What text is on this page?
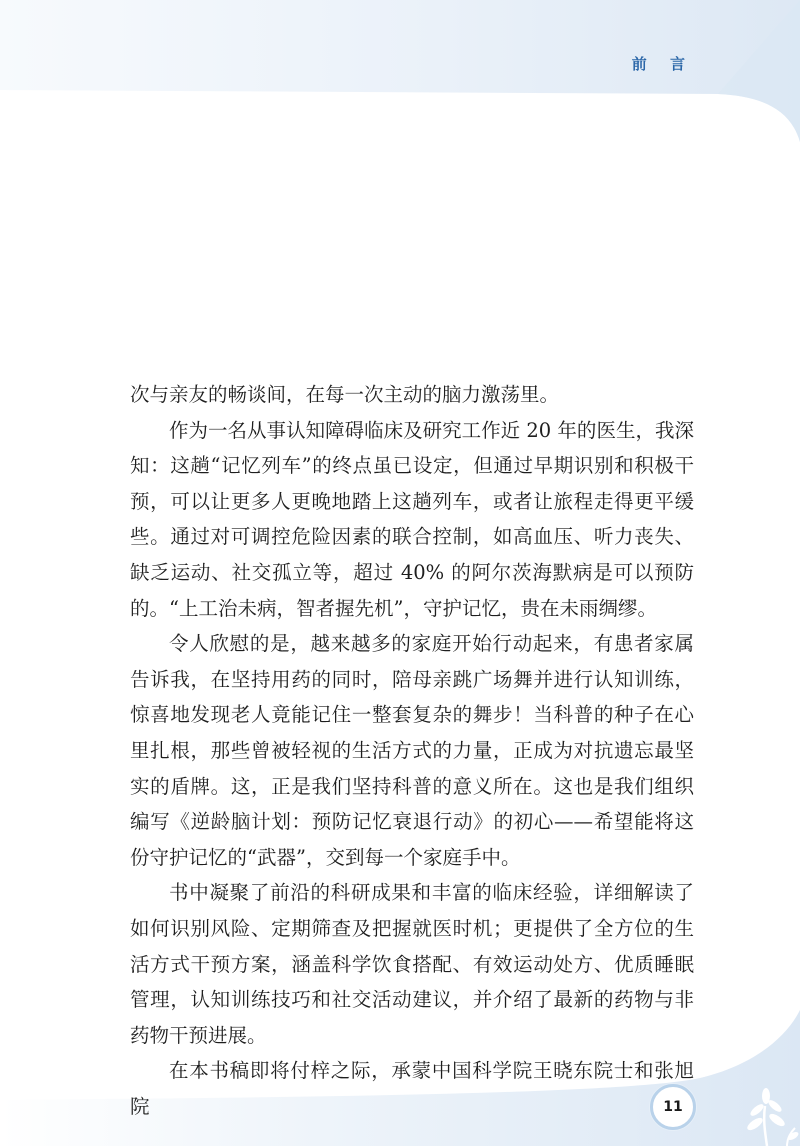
前 言

次与亲友的畅谈间，在每一次主动的脑力激荡里。

作为一名从事认知障碍临床及研究工作近 20 年的医生，我深知：这趟“记忆列车”的终点虽已设定，但通过早期识别和积极干预，可以让更多人更晚地踏上这趟列车，或者让旅程走得更平缓些。通过对可调控危险因素的联合控制，如高血压、听力丧失、缺乏运动、社交孤立等，超过 40% 的阿尔茨海默病是可以预防的。“上工治未病，智者握先机”，守护记忆，贵在未雨绸缪。

令人欣慰的是，越来越多的家庭开始行动起来，有患者家属告诉我，在坚持用药的同时，陪母亲跳广场舞并进行认知训练，惊喜地发现老人竟能记住一整套复杂的舞步！当科普的种子在心里扎根，那些曾被轻视的生活方式的力量，正成为对抗遗忘最坚实的盾牌。这，正是我们坚持科普的意义所在。这也是我们组织编写《逆龄脑计划：预防记忆衰退行动》的初心——希望能将这份守护记忆的“武器”，交到每一个家庭手中。

书中凝聚了前沿的科研成果和丰富的临床经验，详细解读了如何识别风险、定期筛查及把握就医时机；更提供了全方位的生活方式干预方案，涵盖科学饮食搭配、有效运动处方、优质睡眠管理，认知训练技巧和社交活动建议，并介绍了最新的药物与非药物干预进展。

在本书稿即将付梓之际，承蒙中国科学院王晓东院士和张旭院	11
